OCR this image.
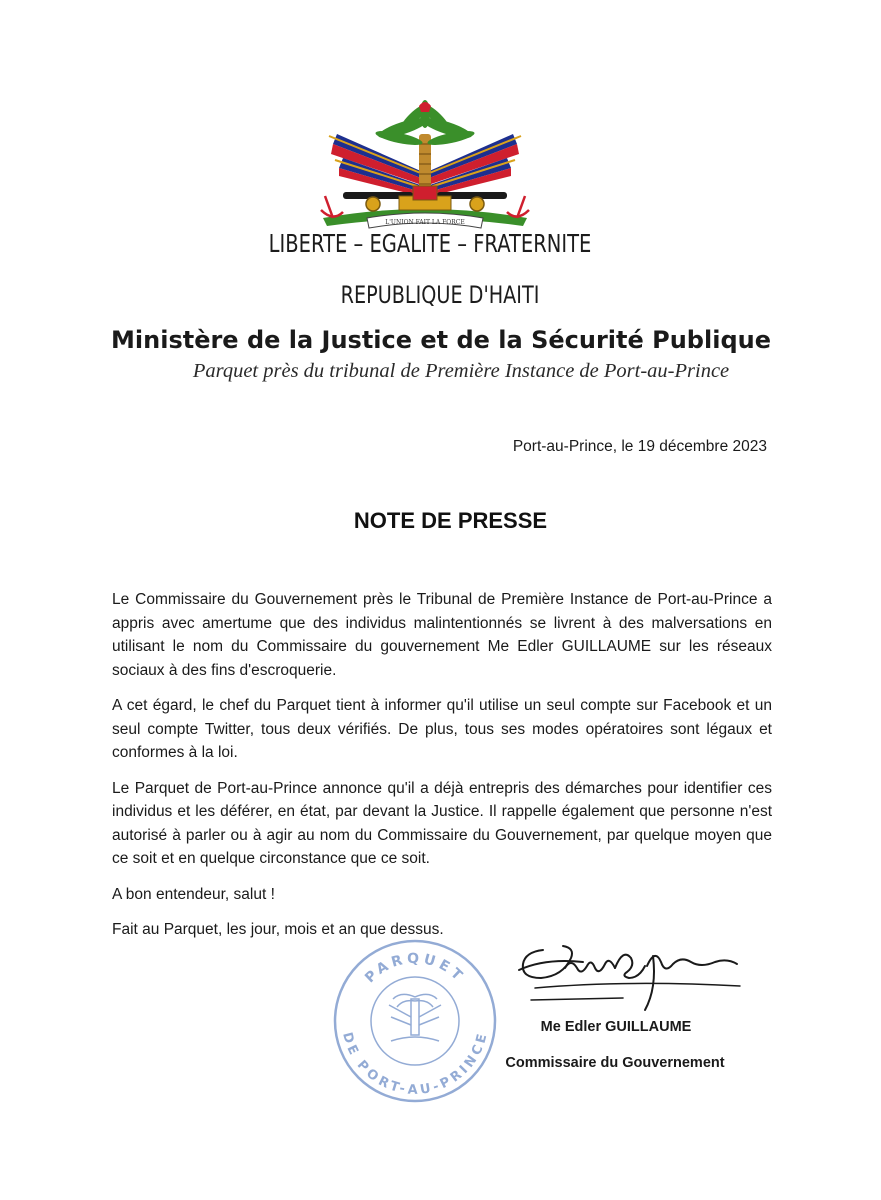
L'UNION FAIT LA FORCE
LIBERTE – EGALITE – FRATERNITE
REPUBLIQUE D'HAITI
Ministère de la Justice et de la Sécurité Publique
Parquet près du tribunal de Première Instance de Port-au-Prince
Port-au-Prince, le 19 décembre 2023
NOTE DE PRESSE

Le Commissaire du Gouvernement près le Tribunal de Première Instance de Port-au-Prince a appris avec amertume que des individus malintentionnés se livrent à des malversations en utilisant le nom du Commissaire du gouvernement Me Edler GUILLAUME sur les réseaux sociaux à des fins d'escroquerie.

A cet égard, le chef du Parquet tient à informer qu'il utilise un seul compte sur Facebook et un seul compte Twitter, tous deux vérifiés. De plus, tous ses modes opératoires sont légaux et conformes à la loi.

Le Parquet de Port-au-Prince annonce qu'il a déjà entrepris des démarches pour identifier ces individus et les déférer, en état, par devant la Justice. Il rappelle également que personne n'est autorisé à parler ou à agir au nom du Commissaire du Gouvernement, par quelque moyen que ce soit et en quelque circonstance que ce soit.

A bon entendeur, salut !

Fait au Parquet, les jour, mois et an que dessus.

PARQUET
DE PORT-AU-PRINCE
Me Edler GUILLAUME
Commissaire du Gouvernement
